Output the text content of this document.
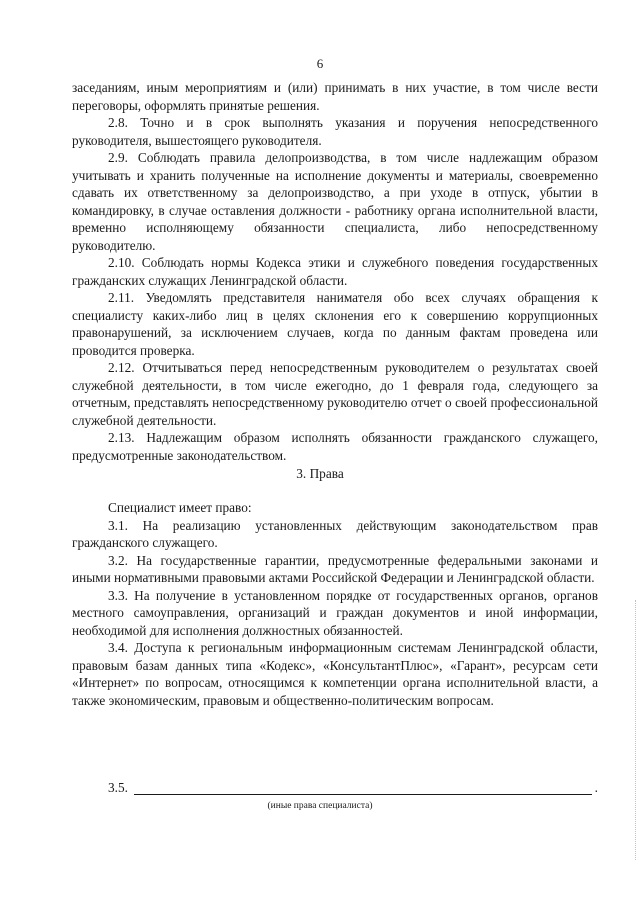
6

заседаниям, иным мероприятиям и (или) принимать в них участие, в том числе вести переговоры, оформлять принятые решения.

2.8. Точно и в срок выполнять указания и поручения непосредственного руководителя, вышестоящего руководителя.

2.9. Соблюдать правила делопроизводства, в том числе надлежащим образом учитывать и хранить полученные на исполнение документы и материалы, своевременно сдавать их ответственному за делопроизводство, а при уходе в отпуск, убытии в командировку, в случае оставления должности - работнику органа исполнительной власти, временно исполняющему обязанности специалиста, либо непосредственному руководителю.

2.10. Соблюдать нормы Кодекса этики и служебного поведения государственных гражданских служащих Ленинградской области.

2.11. Уведомлять представителя нанимателя обо всех случаях обращения к специалисту каких-либо лиц в целях склонения его к совершению коррупционных правонарушений, за исключением случаев, когда по данным фактам проведена или проводится проверка.

2.12. Отчитываться перед непосредственным руководителем о результатах своей служебной деятельности, в том числе ежегодно, до 1 февраля года, следующего за отчетным, представлять непосредственному руководителю отчет о своей профессиональной служебной деятельности.

2.13. Надлежащим образом исполнять обязанности гражданского служащего, предусмотренные законодательством.

3. Права

Специалист имеет право:

3.1. На реализацию установленных действующим законодательством прав гражданского служащего.

3.2. На государственные гарантии, предусмотренные федеральными законами и иными нормативными правовыми актами Российской Федерации и Ленинградской области.

3.3. На получение в установленном порядке от государственных органов, органов местного самоуправления, организаций и граждан документов и иной информации, необходимой для исполнения должностных обязанностей.

3.4. Доступа к региональным информационным системам Ленинградской области, правовым базам данных типа «Кодекс», «КонсультантПлюс», «Гарант», ресурсам сети «Интернет» по вопросам, относящимся к компетенции органа исполнительной власти, а также экономическим, правовым и общественно-политическим вопросам.

3.5.	.
(иные права специалиста)
